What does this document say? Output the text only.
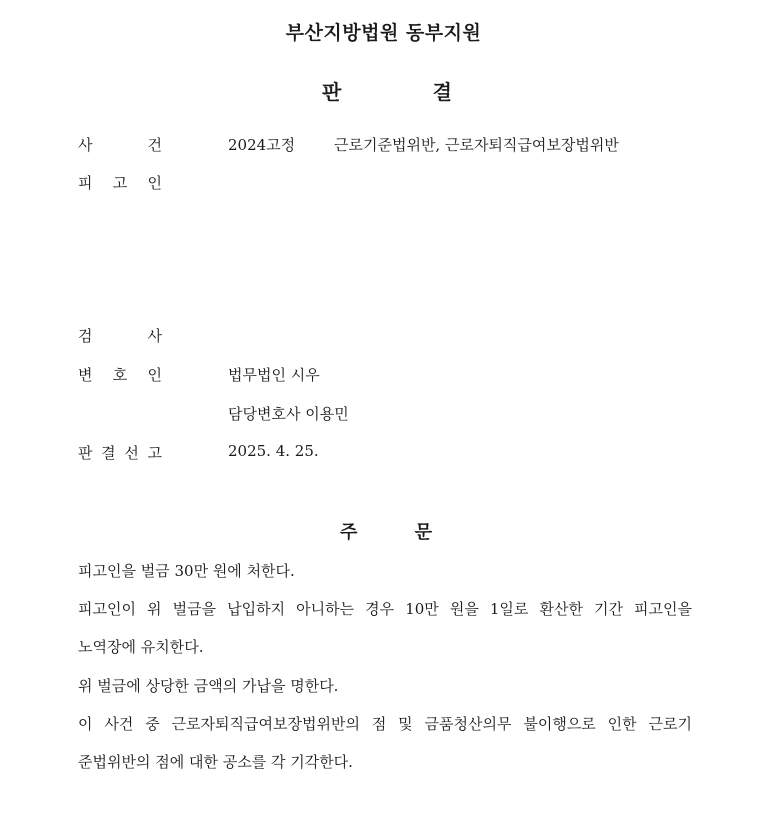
부산지방법원 동부지원
판	결
사	건	2024고정	근로기준법위반, 근로자퇴직급여보장법위반
피 고 인
검	사
변 호 인	법무법인 시우
담당변호사 이용민
판 결 선 고	2025. 4. 25.
주	문
피고인을 벌금 30만 원에 처한다.
피고인이 위 벌금을 납입하지 아니하는 경우 10만 원을 1일로 환산한 기간 피고인을
노역장에 유치한다.
위 벌금에 상당한 금액의 가납을 명한다.
이 사건 중 근로자퇴직급여보장법위반의 점 및 금품청산의무 불이행으로 인한 근로기
준법위반의 점에 대한 공소를 각 기각한다.
